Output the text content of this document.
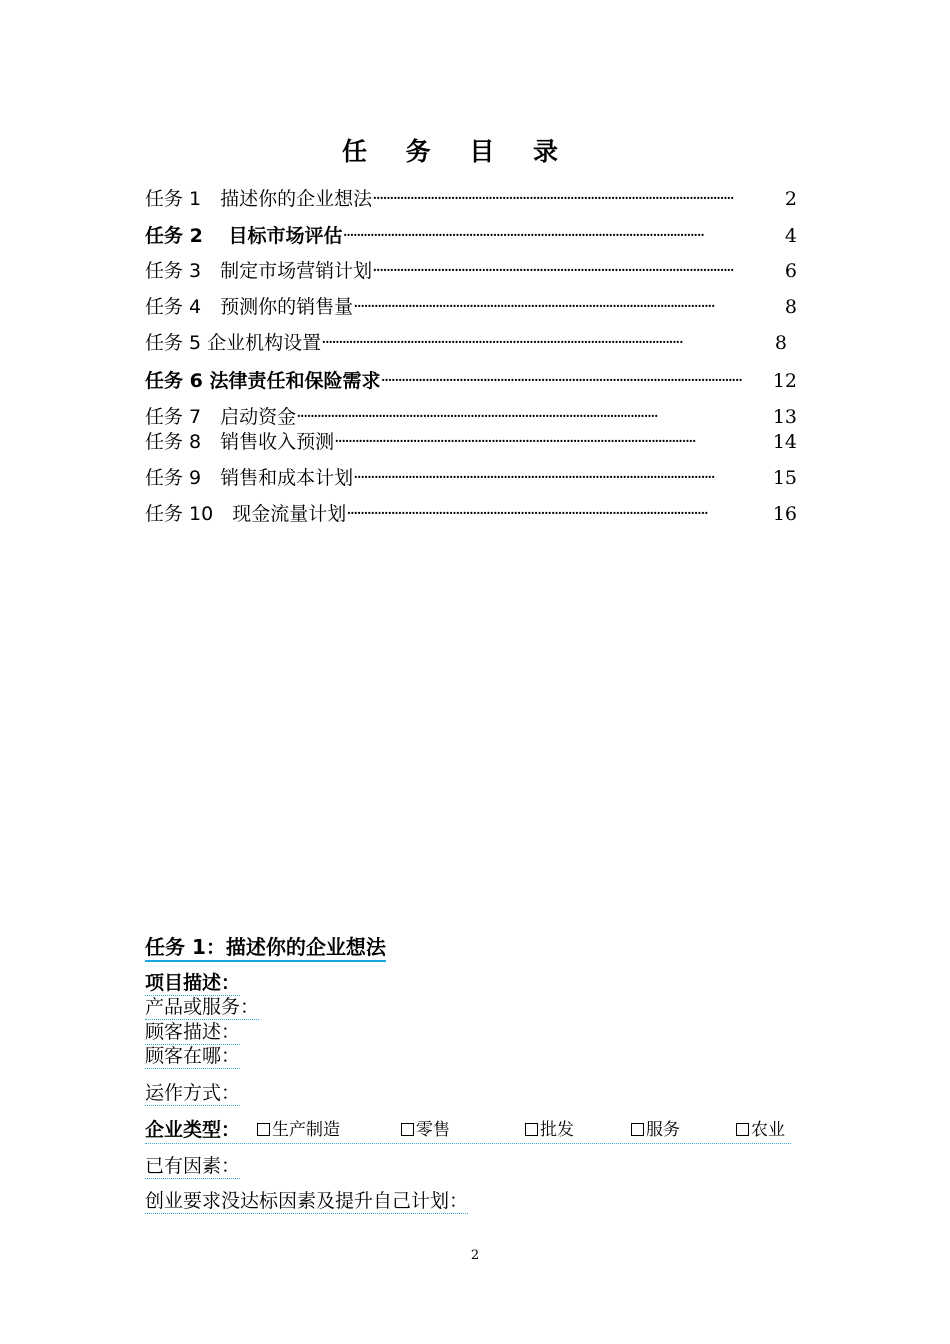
任 务 目 录
任务 1　描述你的企业想法 ··········································································································	2
任务 2　 目标市场评估 ··········································································································	4
任务 3　制定市场营销计划 ··········································································································	6
任务 4　预测你的销售量 ··········································································································	8
任务 5 企业机构设置 ··········································································································	8
任务 6 法律责任和保险需求 ··········································································································	12
任务 7　启动资金 ··········································································································	13
任务 8　销售收入预测 ··········································································································	14
任务 9　销售和成本计划 ··········································································································	15
任务 10　现金流量计划 ··········································································································	16
任务 1：描述你的企业想法
项目描述：
产品或服务：
顾客描述：
顾客在哪：
运作方式：
企业类型：	生产制造	零售	批发	服务	农业
已有因素：
创业要求没达标因素及提升自己计划：
2
